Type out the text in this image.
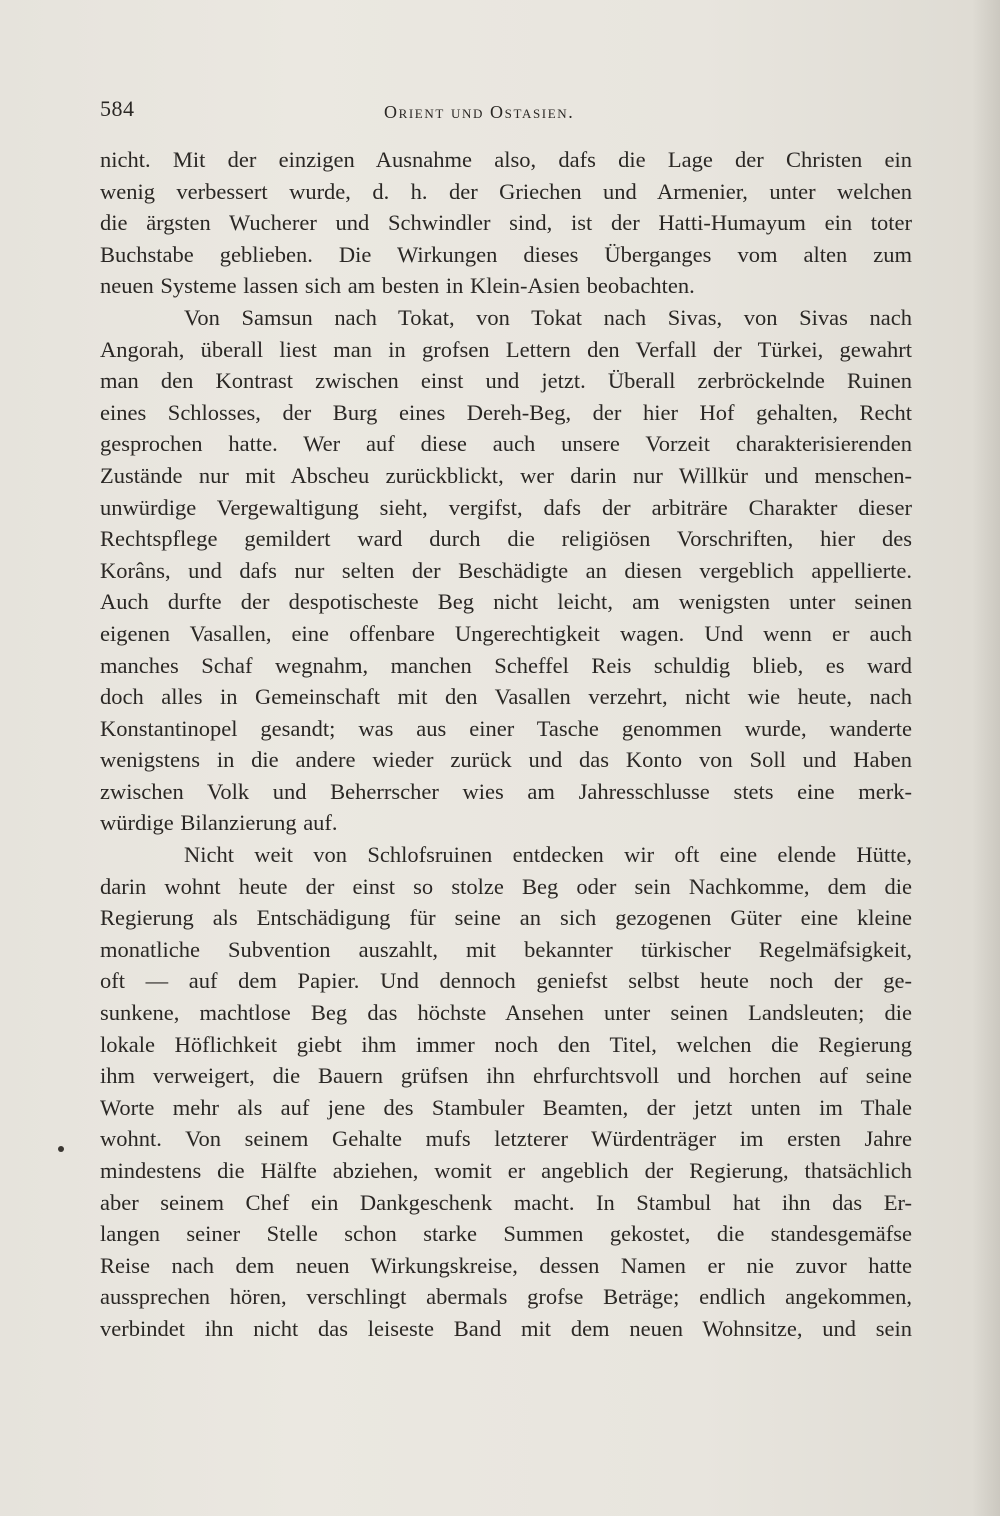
584	Orient und Ostasien.
nicht. Mit der einzigen Ausnahme also, dafs die Lage der Christen ein
wenig verbessert wurde, d. h. der Griechen und Armenier, unter welchen
die ärgsten Wucherer und Schwindler sind, ist der Hatti-Humayum ein toter
Buchstabe geblieben. Die Wirkungen dieses Überganges vom alten zum
neuen Systeme lassen sich am besten in Klein-Asien beobachten.
Von Samsun nach Tokat, von Tokat nach Sivas, von Sivas nach
Angorah, überall liest man in grofsen Lettern den Verfall der Türkei, gewahrt
man den Kontrast zwischen einst und jetzt. Überall zerbröckelnde Ruinen
eines Schlosses, der Burg eines Dereh-Beg, der hier Hof gehalten, Recht
gesprochen hatte. Wer auf diese auch unsere Vorzeit charakterisierenden
Zustände nur mit Abscheu zurückblickt, wer darin nur Willkür und menschen-
unwürdige Vergewaltigung sieht, vergifst, dafs der arbiträre Charakter dieser
Rechtspflege gemildert ward durch die religiösen Vorschriften, hier des
Korâns, und dafs nur selten der Beschädigte an diesen vergeblich appellierte.
Auch durfte der despotischeste Beg nicht leicht, am wenigsten unter seinen
eigenen Vasallen, eine offenbare Ungerechtigkeit wagen. Und wenn er auch
manches Schaf wegnahm, manchen Scheffel Reis schuldig blieb, es ward
doch alles in Gemeinschaft mit den Vasallen verzehrt, nicht wie heute, nach
Konstantinopel gesandt; was aus einer Tasche genommen wurde, wanderte
wenigstens in die andere wieder zurück und das Konto von Soll und Haben
zwischen Volk und Beherrscher wies am Jahresschlusse stets eine merk-
würdige Bilanzierung auf.
Nicht weit von Schlofsruinen entdecken wir oft eine elende Hütte,
darin wohnt heute der einst so stolze Beg oder sein Nachkomme, dem die
Regierung als Entschädigung für seine an sich gezogenen Güter eine kleine
monatliche Subvention auszahlt, mit bekannter türkischer Regelmäfsigkeit,
oft — auf dem Papier. Und dennoch geniefst selbst heute noch der ge-
sunkene, machtlose Beg das höchste Ansehen unter seinen Landsleuten; die
lokale Höflichkeit giebt ihm immer noch den Titel, welchen die Regierung
ihm verweigert, die Bauern grüfsen ihn ehrfurchtsvoll und horchen auf seine
Worte mehr als auf jene des Stambuler Beamten, der jetzt unten im Thale
wohnt. Von seinem Gehalte mufs letzterer Würdenträger im ersten Jahre
mindestens die Hälfte abziehen, womit er angeblich der Regierung, thatsächlich
aber seinem Chef ein Dankgeschenk macht. In Stambul hat ihn das Er-
langen seiner Stelle schon starke Summen gekostet, die standesgemäfse
Reise nach dem neuen Wirkungskreise, dessen Namen er nie zuvor hatte
aussprechen hören, verschlingt abermals grofse Beträge; endlich angekommen,
verbindet ihn nicht das leiseste Band mit dem neuen Wohnsitze, und sein
